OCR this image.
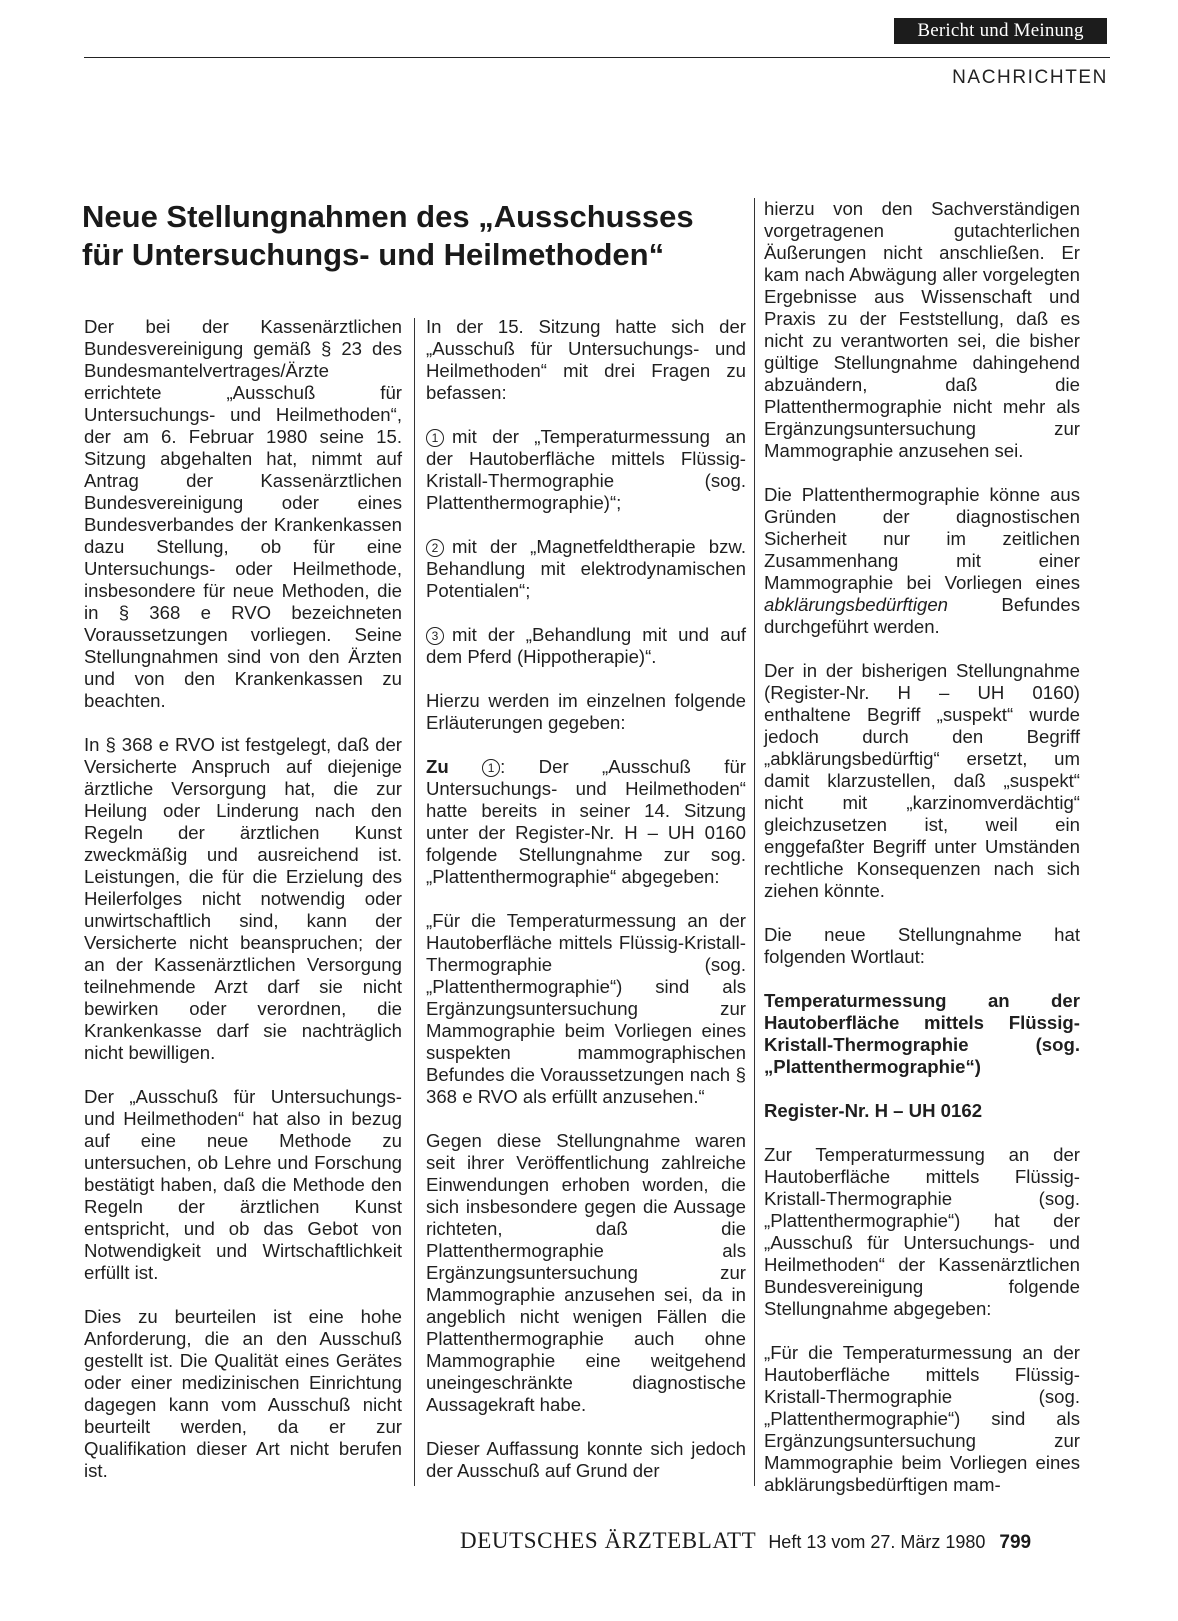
Bericht und Meinung
NACHRICHTEN
Neue Stellungnahmen des „Ausschusses
für Untersuchungs- und Heilmethoden“

Der bei der Kassenärztlichen Bundesvereinigung gemäß § 23 des Bundesmantelvertrages/Ärzte errichtete „Ausschuß für Untersuchungs- und Heilmethoden“, der am 6. Februar 1980 seine 15. Sitzung abgehalten hat, nimmt auf Antrag der Kassenärztlichen Bundesvereinigung oder eines Bundesverbandes der Krankenkassen dazu Stellung, ob für eine Untersuchungs- oder Heilmethode, insbesondere für neue Methoden, die in § 368 e RVO bezeichneten Voraussetzungen vorliegen. Seine Stellungnahmen sind von den Ärzten und von den Krankenkassen zu beachten.

In § 368 e RVO ist festgelegt, daß der Versicherte Anspruch auf diejenige ärztliche Versorgung hat, die zur Heilung oder Linderung nach den Regeln der ärztlichen Kunst zweckmäßig und ausreichend ist. Leistungen, die für die Erzielung des Heilerfolges nicht notwendig oder unwirtschaftlich sind, kann der Versicherte nicht beanspruchen; der an der Kassenärztlichen Versorgung teilnehmende Arzt darf sie nicht bewirken oder verordnen, die Krankenkasse darf sie nachträglich nicht bewilligen.

Der „Ausschuß für Untersuchungs- und Heilmethoden“ hat also in bezug auf eine neue Methode zu untersuchen, ob Lehre und Forschung bestätigt haben, daß die Methode den Regeln der ärztlichen Kunst entspricht, und ob das Gebot von Notwendigkeit und Wirtschaftlichkeit erfüllt ist.

Dies zu beurteilen ist eine hohe Anforderung, die an den Ausschuß gestellt ist. Die Qualität eines Gerätes oder einer medizinischen Einrichtung dagegen kann vom Ausschuß nicht beurteilt werden, da er zur Qualifikation dieser Art nicht berufen ist.

In der 15. Sitzung hatte sich der „Ausschuß für Untersuchungs- und Heilmethoden“ mit drei Fragen zu befassen:

1 mit der „Temperaturmessung an der Hautoberfläche mittels Flüssig-Kristall-Thermographie (sog. Plattenthermographie)“;

2 mit der „Magnetfeldtherapie bzw. Behandlung mit elektrodynamischen Potentialen“;

3 mit der „Behandlung mit und auf dem Pferd (Hippotherapie)“.

Hierzu werden im einzelnen folgende Erläuterungen gegeben:

Zu	1 : Der „Ausschuß für Untersuchungs- und Heilmethoden“ hatte bereits in seiner 14. Sitzung unter der Register-Nr. H – UH 0160 folgende Stellungnahme zur sog. „Plattenthermographie“ abgegeben:

„Für die Temperaturmessung an der Hautoberfläche mittels Flüssig-Kristall-Thermographie (sog. „Plattenthermographie“) sind als Ergänzungsuntersuchung zur Mammographie beim Vorliegen eines suspekten mammographischen Befundes die Voraussetzungen nach § 368 e RVO als erfüllt anzusehen.“

Gegen diese Stellungnahme waren seit ihrer Veröffentlichung zahlreiche Einwendungen erhoben worden, die sich insbesondere gegen die Aussage richteten, daß die Plattenthermographie als Ergänzungsuntersuchung zur Mammographie anzusehen sei, da in angeblich nicht wenigen Fällen die Plattenthermographie auch ohne Mammographie eine weitgehend uneingeschränkte diagnostische Aussagekraft habe.

Dieser Auffassung konnte sich jedoch der Ausschuß auf Grund der

hierzu von den Sachverständigen vorgetragenen gutachterlichen Äußerungen nicht anschließen. Er kam nach Abwägung aller vorgelegten Ergebnisse aus Wissenschaft und Praxis zu der Feststellung, daß es nicht zu verantworten sei, die bisher gültige Stellungnahme dahingehend abzuändern, daß die Plattenthermographie nicht mehr als Ergänzungsuntersuchung zur Mammographie anzusehen sei.

Die Plattenthermographie könne aus Gründen der diagnostischen Sicherheit nur im zeitlichen Zusammenhang mit einer Mammographie bei Vorliegen eines abklärungsbedürftigen Befundes durchgeführt werden.

Der in der bisherigen Stellungnahme (Register-Nr. H – UH 0160) enthaltene Begriff „suspekt“ wurde jedoch durch den Begriff „abklärungsbedürftig“ ersetzt, um damit klarzustellen, daß „suspekt“ nicht mit „karzinomverdächtig“ gleichzusetzen ist, weil ein enggefaßter Begriff unter Umständen rechtliche Konsequenzen nach sich ziehen könnte.

Die neue Stellungnahme hat folgenden Wortlaut:

Temperaturmessung an der Hautoberfläche mittels Flüssig-Kristall-Thermographie (sog. „Plattenthermographie“)

Register-Nr. H – UH 0162

Zur Temperaturmessung an der Hautoberfläche mittels Flüssig-Kristall-Thermographie (sog. „Plattenthermographie“) hat der „Ausschuß für Untersuchungs- und Heilmethoden“ der Kassenärztlichen Bundesvereinigung folgende Stellungnahme abgegeben:

„Für die Temperaturmessung an der Hautoberfläche mittels Flüssig-Kristall-Thermographie (sog. „Plattenthermographie“) sind als Ergänzungsuntersuchung zur Mammographie beim Vorliegen eines abklärungsbedürftigen mam-

DEUTSCHES ÄRZTEBLATT Heft 13 vom 27. März 1980 799
